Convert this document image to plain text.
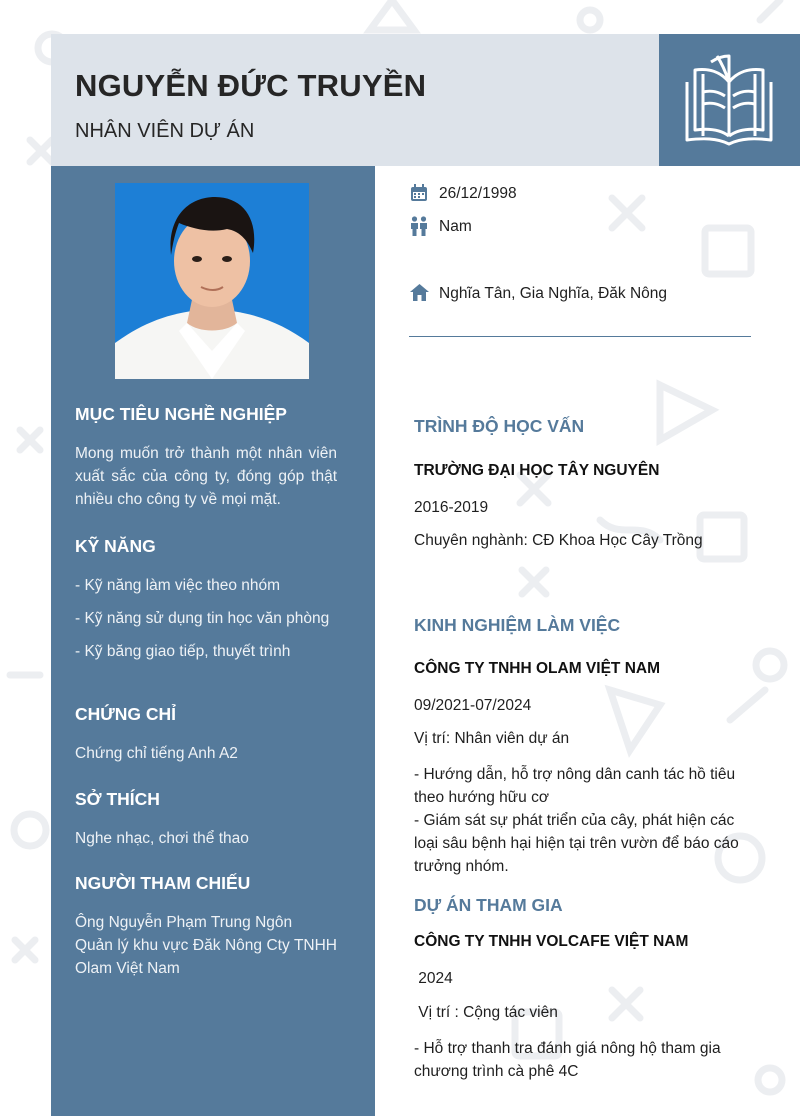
NGUYỄN ĐỨC TRUYỀN
NHÂN VIÊN DỰ ÁN
MỤC TIÊU NGHỀ NGHIỆP
Mong muốn trở thành một nhân viên xuất sắc của công ty, đóng góp thật nhiều cho công ty về mọi mặt.
KỸ NĂNG
- Kỹ năng làm việc theo nhóm
- Kỹ năng sử dụng tin học văn phòng
- Kỹ băng giao tiếp, thuyết trình
CHỨNG CHỈ
Chứng chỉ tiếng Anh A2
SỞ THÍCH
Nghe nhạc, chơi thể thao
NGƯỜI THAM CHIẾU
Ông Nguyễn Phạm Trung Ngôn
Quản lý khu vực Đăk Nông Cty TNHH Olam Việt Nam
26/12/1998
Nam
Nghĩa Tân, Gia Nghĩa, Đăk Nông
TRÌNH ĐỘ HỌC VẤN
TRƯỜNG ĐẠI HỌC TÂY NGUYÊN
2016-2019
Chuyên nghành: CĐ Khoa Học Cây Trồng
KINH NGHIỆM LÀM VIỆC
CÔNG TY TNHH OLAM VIỆT NAM
09/2021-07/2024
Vị trí: Nhân viên dự án
- Hướng dẫn, hỗ trợ nông dân canh tác hồ tiêu theo hướng hữu cơ
- Giám sát sự phát triển của cây, phát hiện các loại sâu bệnh hại hiện tại trên vườn để báo cáo trưởng nhóm.
DỰ ÁN THAM GIA
CÔNG TY TNHH VOLCAFE VIỆT NAM
2024
Vị trí : Cộng tác viên
- Hỗ trợ thanh tra đánh giá nông hộ tham gia chương trình cà phê 4C
